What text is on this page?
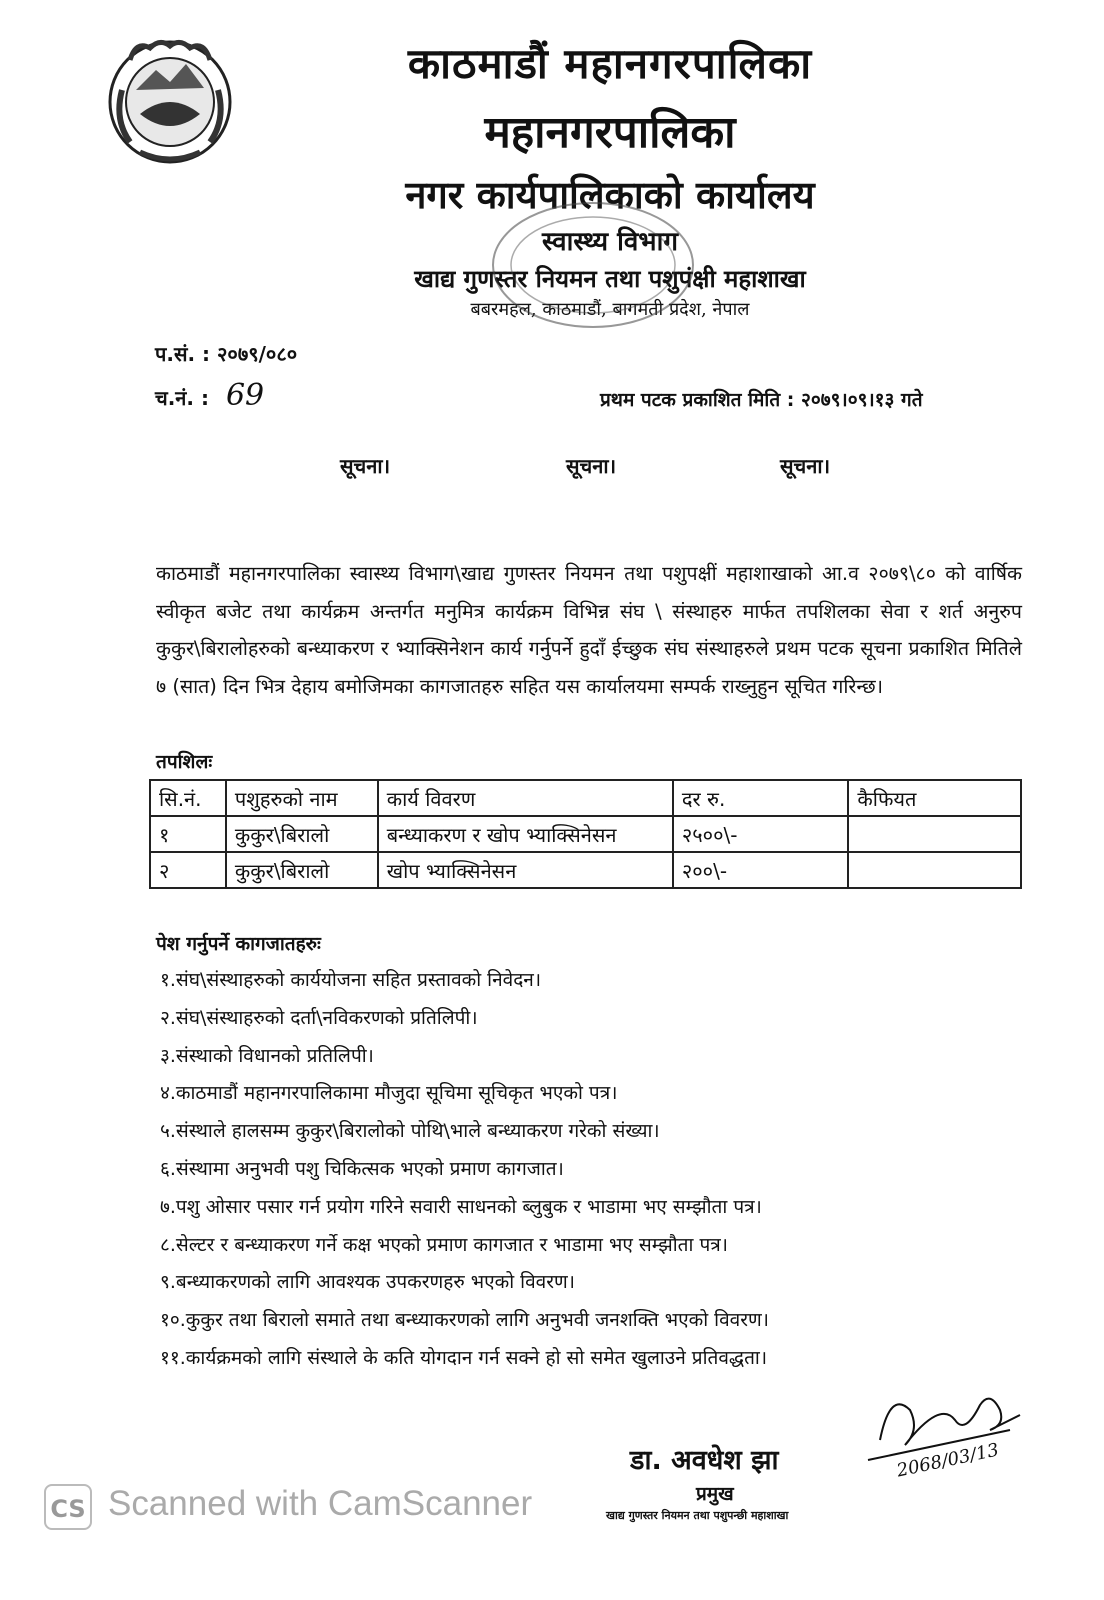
काठमाडौं महानगरपालिका
महानगरपालिका
नगर कार्यपालिकाको कार्यालय
स्वास्थ्य विभाग
खाद्य गुणस्तर नियमन तथा पशुपंक्षी महाशाखा
बबरमहल, काठमाडौं, बागमती प्रदेश, नेपाल
प.सं. : २०७९/०८०
च.नं. : 69	प्रथम पटक प्रकाशित मिति : २०७९।०९।१३ गते
सूचना।	सूचना।	सूचना।
काठमाडौं महानगरपालिका स्वास्थ्य विभाग\खाद्य गुणस्तर नियमन तथा पशुपक्षीं महाशाखाको आ.व २०७९\८० को वार्षिक स्वीकृत बजेट तथा कार्यक्रम अन्तर्गत मनुमित्र कार्यक्रम विभिन्न संघ \ संस्थाहरु मार्फत तपशिलका सेवा र शर्त अनुरुप कुकुर\बिरालोहरुको बन्ध्याकरण र भ्याक्सिनेशन कार्य गर्नुपर्ने हुदाँ ईच्छुक संघ संस्थाहरुले प्रथम पटक सूचना प्रकाशित मितिले ७ (सात) दिन भित्र देहाय बमोजिमका कागजातहरु सहित यस कार्यालयमा सम्पर्क राख्नुहुन सूचित गरिन्छ।
तपशिलः
सि.नं.	पशुहरुको नाम	कार्य विवरण	दर रु.	कैफियत
१	कुकुर\बिरालो	बन्ध्याकरण र खोप भ्याक्सिनेसन	२५००\-	
२	कुकुर\बिरालो	खोप भ्याक्सिनेसन	२००\-	
पेश गर्नुपर्ने कागजातहरुः
१.संघ\संस्थाहरुको कार्ययोजना सहित प्रस्तावको निवेदन।
२.संघ\संस्थाहरुको दर्ता\नविकरणको प्रतिलिपी।
३.संस्थाको विधानको प्रतिलिपी।
४.काठमाडौं महानगरपालिकामा मौजुदा सूचिमा सूचिकृत भएको पत्र।
५.संस्थाले हालसम्म कुकुर\बिरालोको पोथि\भाले बन्ध्याकरण गरेको संख्या।
६.संस्थामा अनुभवी पशु चिकित्सक भएको प्रमाण कागजात।
७.पशु ओसार पसार गर्न प्रयोग गरिने सवारी साधनको ब्लुबुक र भाडामा भए सम्झौता पत्र।
८.सेल्टर र बन्ध्याकरण गर्ने कक्ष भएको प्रमाण कागजात र भाडामा भए सम्झौता पत्र।
९.बन्ध्याकरणको लागि आवश्यक उपकरणहरु भएको विवरण।
१०.कुकुर तथा बिरालो समाते तथा बन्ध्याकरणको लागि अनुभवी जनशक्ति भएको विवरण।
११.कार्यक्रमको लागि संस्थाले के कति योगदान गर्न सक्ने हो सो समेत खुलाउने प्रतिवद्धता।
2068/03/13
डा. अवधेश झा
प्रमुख
खाद्य गुणस्तर नियमन तथा पशुपन्छी महाशाखा
CS Scanned with CamScanner
